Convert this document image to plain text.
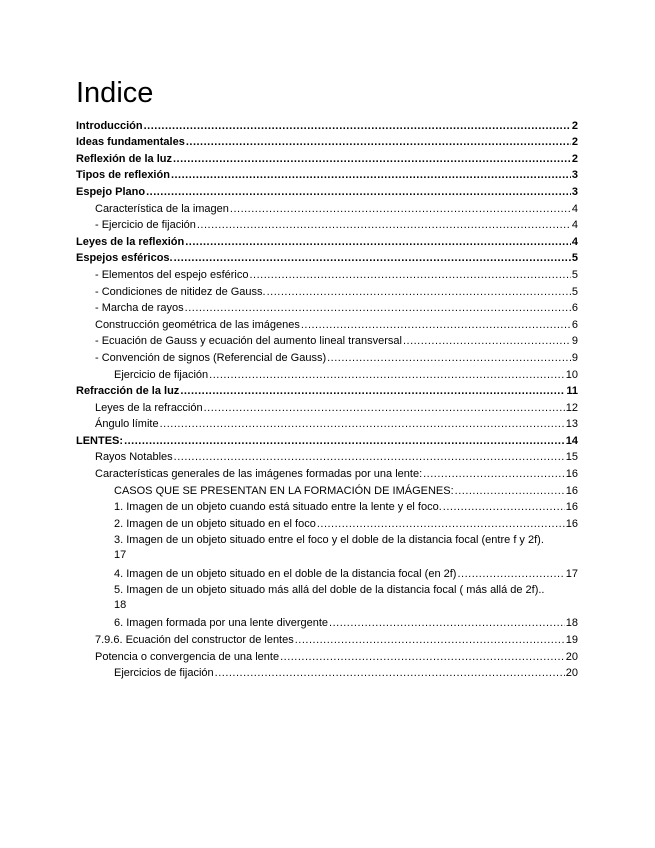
Indice
Introducción .....	2
Ideas fundamentales .....	2
Reflexión de la luz .....	2
Tipos de reflexión .....	3
Espejo Plano .....	3
Característica de la imagen .....	4
- Ejercicio de fijación .....	4
Leyes de la reflexión .....	4
Espejos esféricos. .....	5
- Elementos del espejo esférico .....	5
- Condiciones de nitidez de Gauss. .....	5
- Marcha de rayos .....	6
Construcción geométrica de las imágenes .....	6
- Ecuación de Gauss y ecuación del aumento lineal transversal .....	9
- Convención de signos (Referencial de Gauss) .....	9
Ejercicio de fijación .....	10
Refracción de la luz .....	11
Leyes de la refracción .....	12
Ángulo límite .....	13
LENTES: .....	14
Rayos Notables .....	15
Características generales de las imágenes formadas por una lente: .....	16
CASOS QUE SE PRESENTAN EN LA FORMACIÓN DE IMÁGENES: .....	16
1. Imagen de un objeto cuando está situado entre la lente y el foco. .....	16
2. Imagen de un objeto situado en el foco .....	16
3. Imagen de un objeto situado entre el foco y el doble de la distancia focal (entre f y 2f).
17
4. Imagen de un objeto situado en el doble de la distancia focal (en 2f) .....	17
5. Imagen de un objeto situado más allá del doble de la distancia focal ( más allá de 2f)..
18
6. Imagen formada por una lente divergente .....	18
7.9.6. Ecuación del constructor de lentes .....	19
Potencia o convergencia de una lente .....	20
Ejercicios de fijación .....	20
